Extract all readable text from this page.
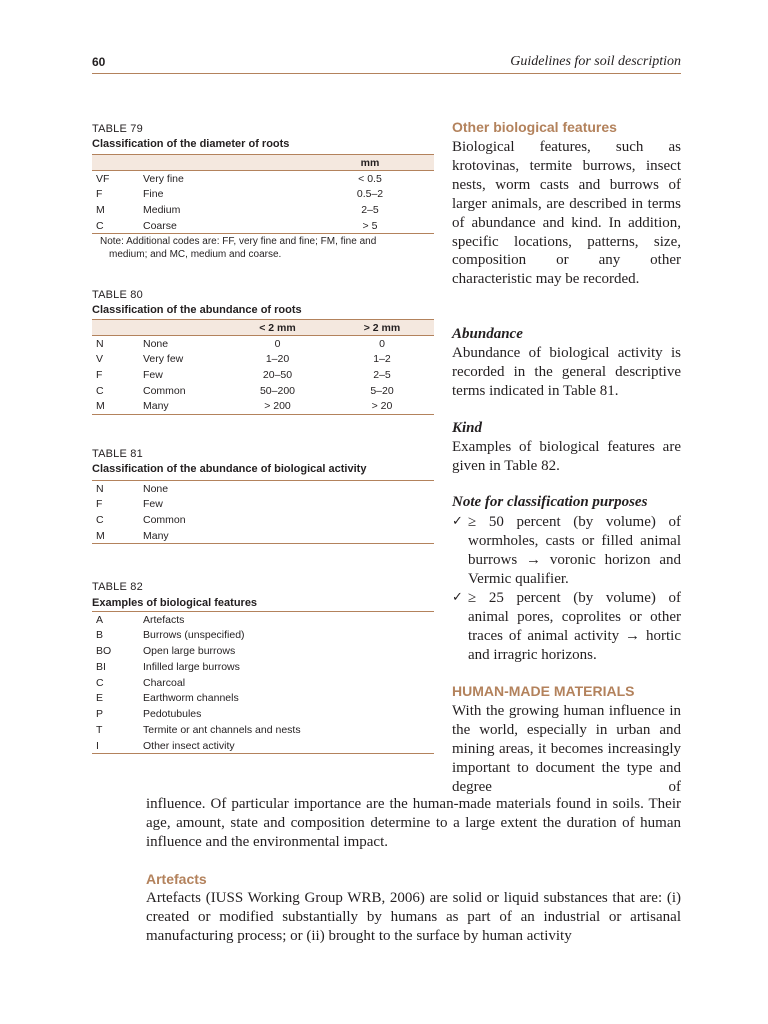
60	Guidelines for soil description
TABLE 79
Classification of the diameter of roots
		mm
VF	Very fine	< 0.5
F	Fine	0.5–2
M	Medium	2–5
C	Coarse	> 5
Note: Additional codes are: FF, very fine and fine; FM, fine and
medium; and MC, medium and coarse.
TABLE 80
Classification of the abundance of roots
		< 2 mm	> 2 mm
N	None	0	0
V	Very few	1–20	1–2
F	Few	20–50	2–5
C	Common	50–200	5–20
M	Many	> 200	> 20
TABLE 81
Classification of the abundance of biological activity
N	None
F	Few
C	Common
M	Many
TABLE 82
Examples of biological features
A	Artefacts
B	Burrows (unspecified)
BO	Open large burrows
BI	Infilled large burrows
C	Charcoal
E	Earthworm channels
P	Pedotubules
T	Termite or ant channels and nests
I	Other insect activity
Other biological features
Biological features, such as krotovinas, termite burrows, insect nests, worm casts and burrows of larger animals, are described in terms of abundance and kind. In addition, specific locations, patterns, size, composition or any other characteristic may be recorded.
Abundance
Abundance of biological activity is recorded in the general descriptive terms indicated in Table 81.
Kind
Examples of biological features are given in Table 82.
Note for classification purposes
✓ ≥ 50 percent (by volume) of wormholes, casts or filled animal burrows → voronic horizon and Vermic qualifier.
✓ ≥ 25 percent (by volume) of animal pores, coprolites or other traces of animal activity → hortic and irragric horizons.
HUMAN-MADE MATERIALS
With the growing human influence in the world, especially in urban and mining areas, it becomes increasingly important to document the type and degree of
influence. Of particular importance are the human-made materials found in soils. Their age, amount, state and composition determine to a large extent the duration of human influence and the environmental impact.
Artefacts
Artefacts (IUSS Working Group WRB, 2006) are solid or liquid substances that are: (i) created or modified substantially by humans as part of an industrial or artisanal manufacturing process; or (ii) brought to the surface by human activity
